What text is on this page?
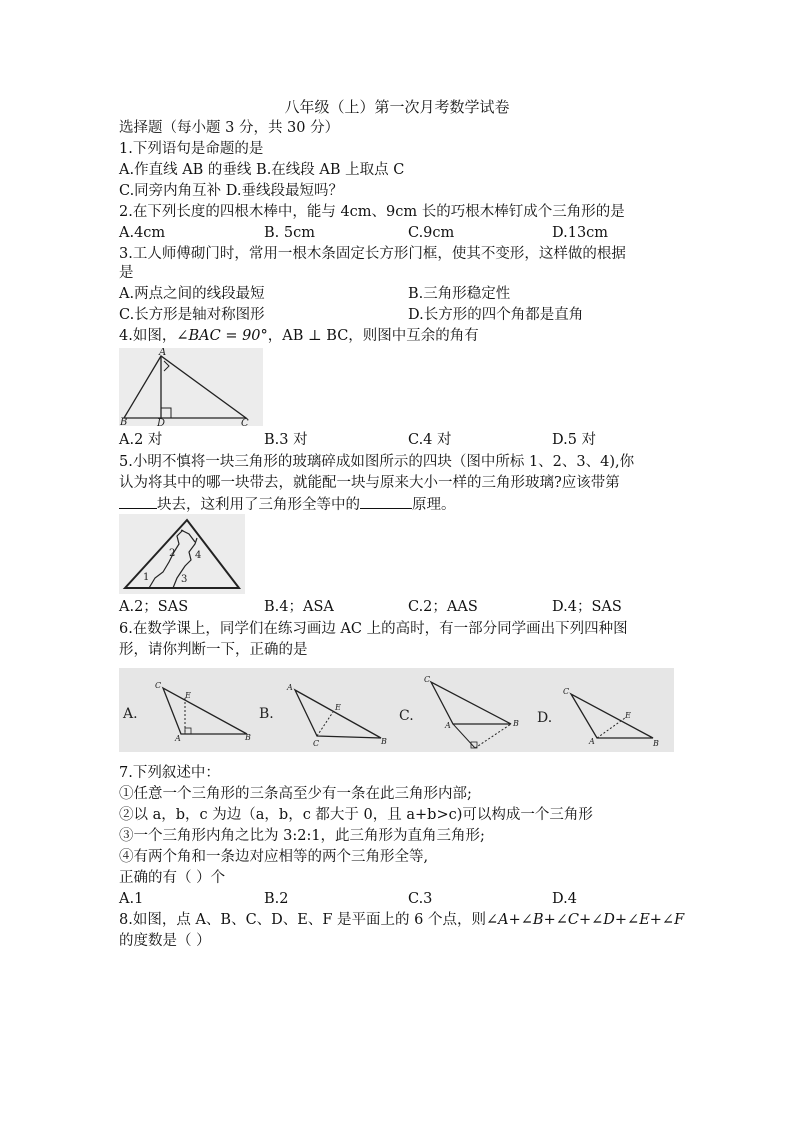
八年级（上）第一次月考数学试卷
选择题（每小题 3 分，共 30 分）
1.下列语句是命题的是
A.作直线 AB 的垂线 B.在线段 AB 上取点 C
C.同旁内角互补 D.垂线段最短吗？
2.在下列长度的四根木棒中，能与 4cm、9cm 长的巧根木棒钉成个三角形的是
A.4cm	B. 5cm	C.9cm	D.13cm
3.工人师傅砌门时，常用一根木条固定长方形门框，使其不变形，这样做的根据
是
A.两点之间的线段最短	B.三角形稳定性
C.长方形是轴对称图形	D.长方形的四个角都是直角
4.如图，∠BAC = 90°，AB ⊥ BC，则图中互余的角有
A
B	D	C
A.2 对	B.3 对	C.4 对	D.5 对
5.小明不慎将一块三角形的玻璃碎成如图所示的四块（图中所标 1、2、3、4),你
认为将其中的哪一块带去，就能配一块与原来大小一样的三角形玻璃?应该带第
块去，这利用了三角形全等中的	原理。
1
2
3
4
A.2；SAS	B.4；ASA	C.2；AAS	D.4；SAS
6.在数学课上，同学们在练习画边 AC 上的高时，有一部分同学画出下列四种图
形，请你判断一下，正确的是
A.
C
A	B
E
B.
A
C	B
E
C.
C
A	B D.
C
A	B
E
7.下列叙述中：
①任意一个三角形的三条高至少有一条在此三角形内部;
②以 a，b，c 为边（a，b，c 都大于 0，且 a+b>c)可以构成一个三角形
③一个三角形内角之比为 3:2:1，此三角形为直角三角形;
④有两个角和一条边对应相等的两个三角形全等,
正确的有（ ）个
A.1	B.2	C.3	D.4
8.如图，点 A、B、C、D、E、F 是平面上的 6 个点，则∠A+∠B+∠C+∠D+∠E+∠F
的度数是（ ）
